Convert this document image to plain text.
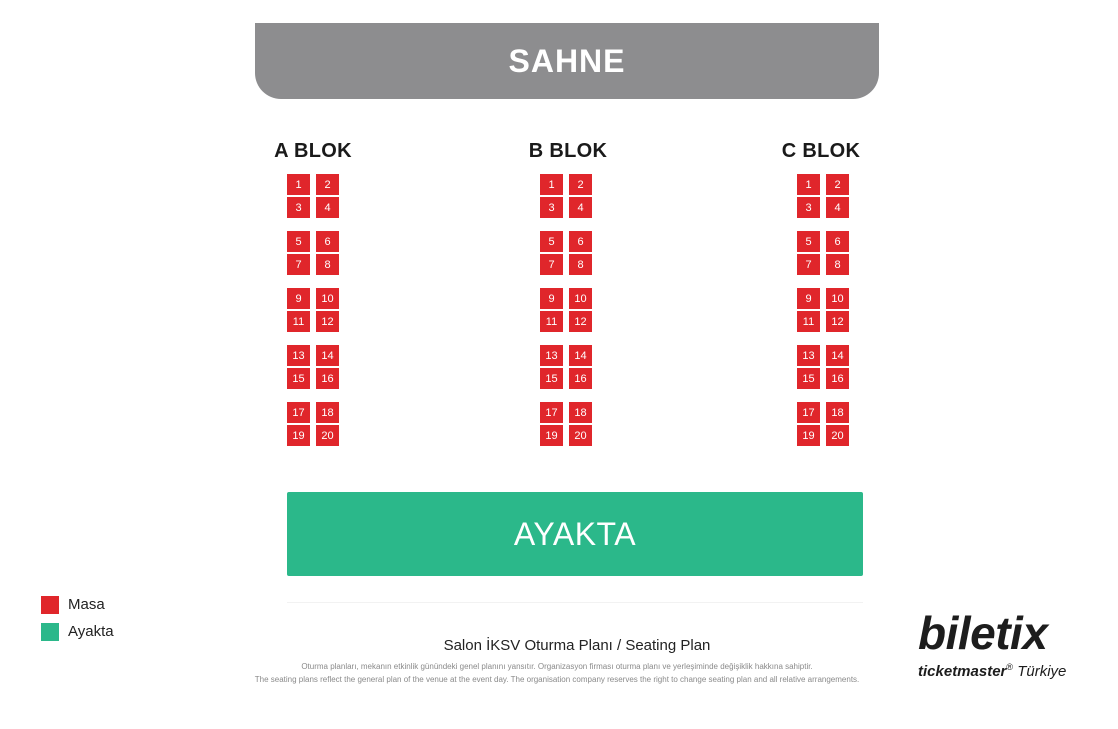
SAHNE
A BLOK
1	2
3	4
5	6
7	8
9	10
11	12
13	14
15	16
17	18
19	20
B BLOK
1	2
3	4
5	6
7	8
9	10
11	12
13	14
15	16
17	18
19	20
C BLOK
1	2
3	4
5	6
7	8
9	10
11	12
13	14
15	16
17	18
19	20
AYAKTA
Masa
Ayakta
Salon İKSV Oturma Planı / Seating Plan
Oturma planları, mekanın etkinlik günündeki genel planını yansıtır. Organizasyon firması oturma planı ve yerleşiminde değişiklik hakkına sahiptir.
The seating plans reflect the general plan of the venue at the event day. The organisation company reserves the right to change seating plan and all relative arrangements.
biletix
ticketmaster® Türkiye
